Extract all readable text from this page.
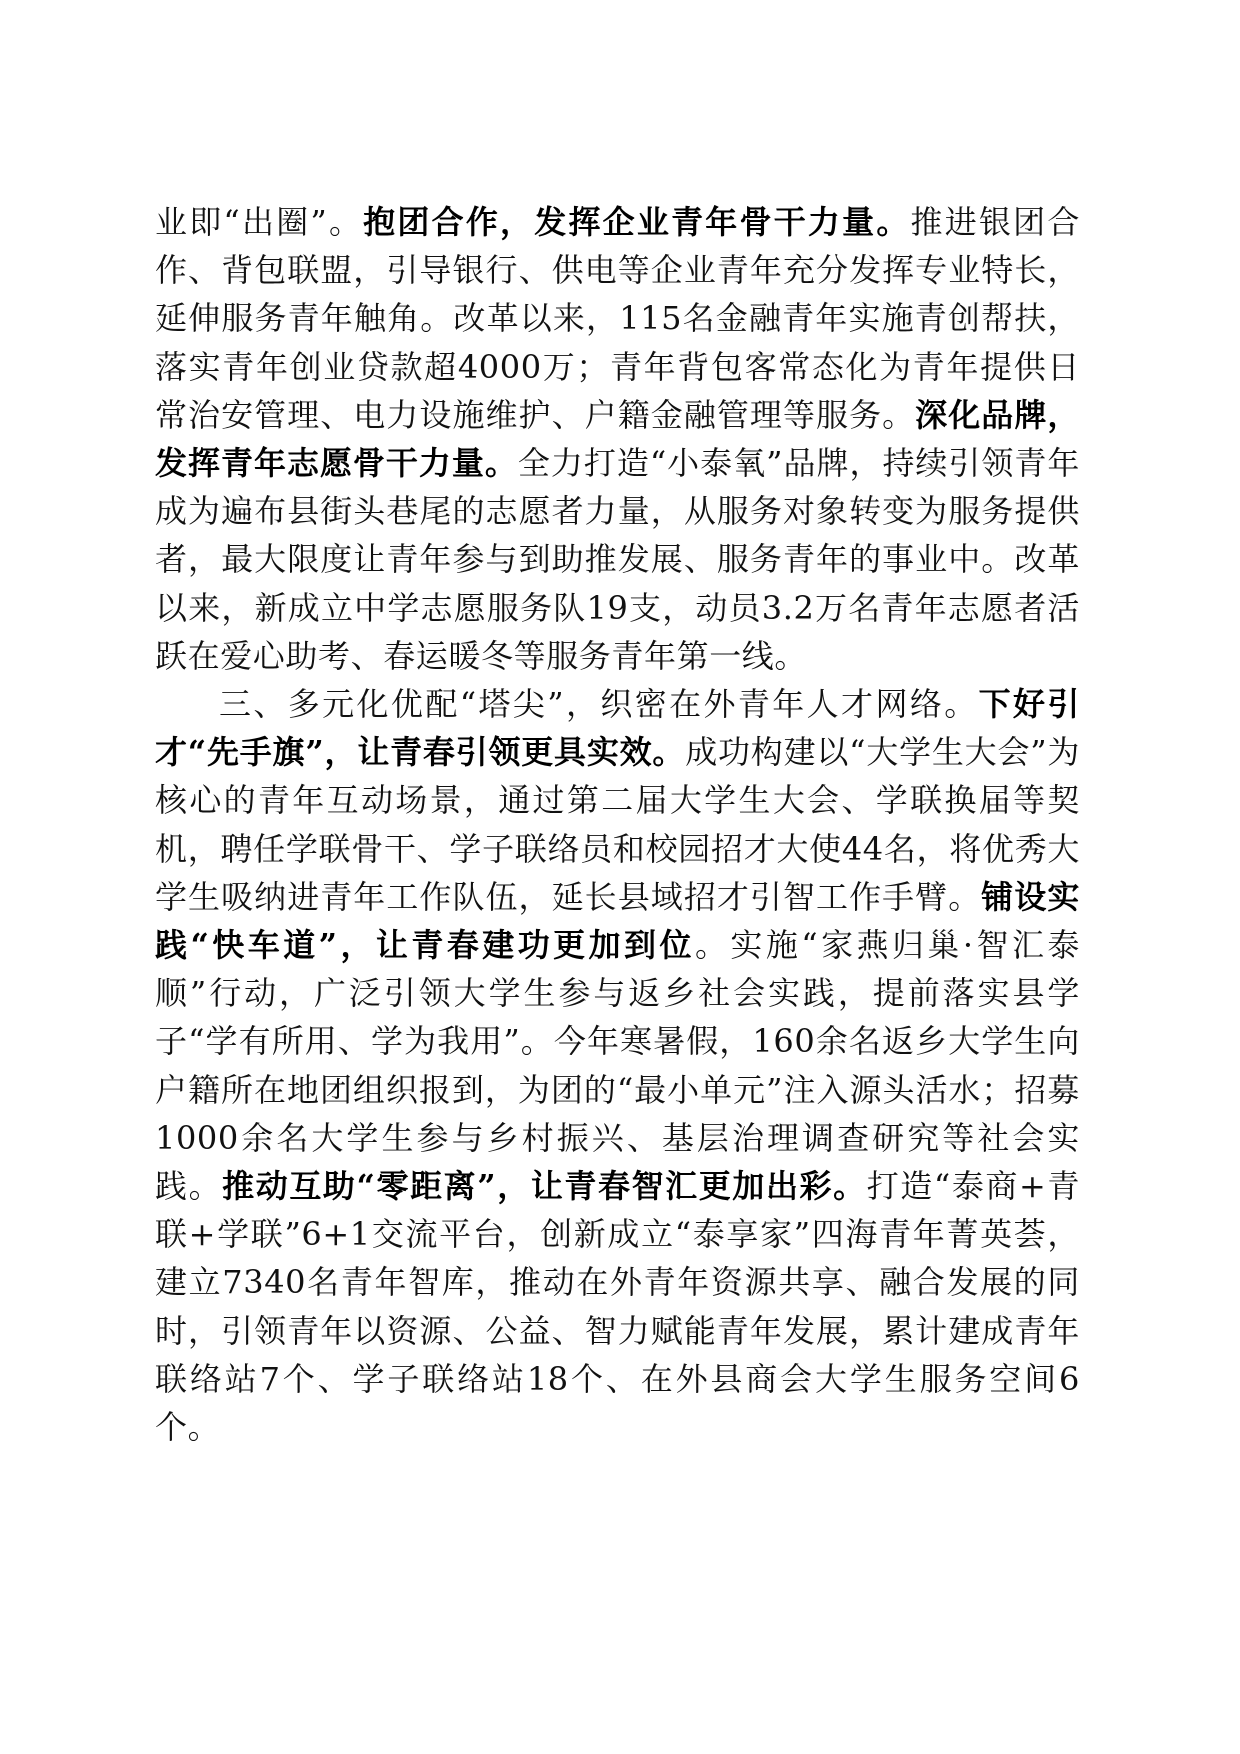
业即“出圈”。抱团合作，发挥企业青年骨干力量。推进银团合作、背包联盟，引导银行、供电等企业青年充分发挥专业特长，延伸服务青年触角。改革以来，115名金融青年实施青创帮扶，落实青年创业贷款超4000万；青年背包客常态化为青年提供日常治安管理、电力设施维护、户籍金融管理等服务。深化品牌，发挥青年志愿骨干力量。全力打造“小泰氧”品牌，持续引领青年成为遍布县街头巷尾的志愿者力量，从服务对象转变为服务提供者，最大限度让青年参与到助推发展、服务青年的事业中。改革以来，新成立中学志愿服务队19支，动员3.2万名青年志愿者活跃在爱心助考、春运暖冬等服务青年第一线。

三、多元化优配“塔尖”，织密在外青年人才网络。下好引才“先手旗”，让青春引领更具实效。成功构建以“大学生大会”为核心的青年互动场景，通过第二届大学生大会、学联换届等契机，聘任学联骨干、学子联络员和校园招才大使44名，将优秀大学生吸纳进青年工作队伍，延长县域招才引智工作手臂。铺设实践“快车道”，让青春建功更加到位。实施“家燕归巢·智汇泰顺”行动，广泛引领大学生参与返乡社会实践，提前落实县学子“学有所用、学为我用”。今年寒暑假，160余名返乡大学生向户籍所在地团组织报到，为团的“最小单元”注入源头活水；招募1000余名大学生参与乡村振兴、基层治理调查研究等社会实践。推动互助“零距离”，让青春智汇更加出彩。打造“泰商+青联+学联”6+1交流平台，创新成立“泰享家”四海青年菁英荟，建立7340名青年智库，推动在外青年资源共享、融合发展的同时，引领青年以资源、公益、智力赋能青年发展，累计建成青年联络站7个、学子联络站18个、在外县商会大学生服务空间6个。
